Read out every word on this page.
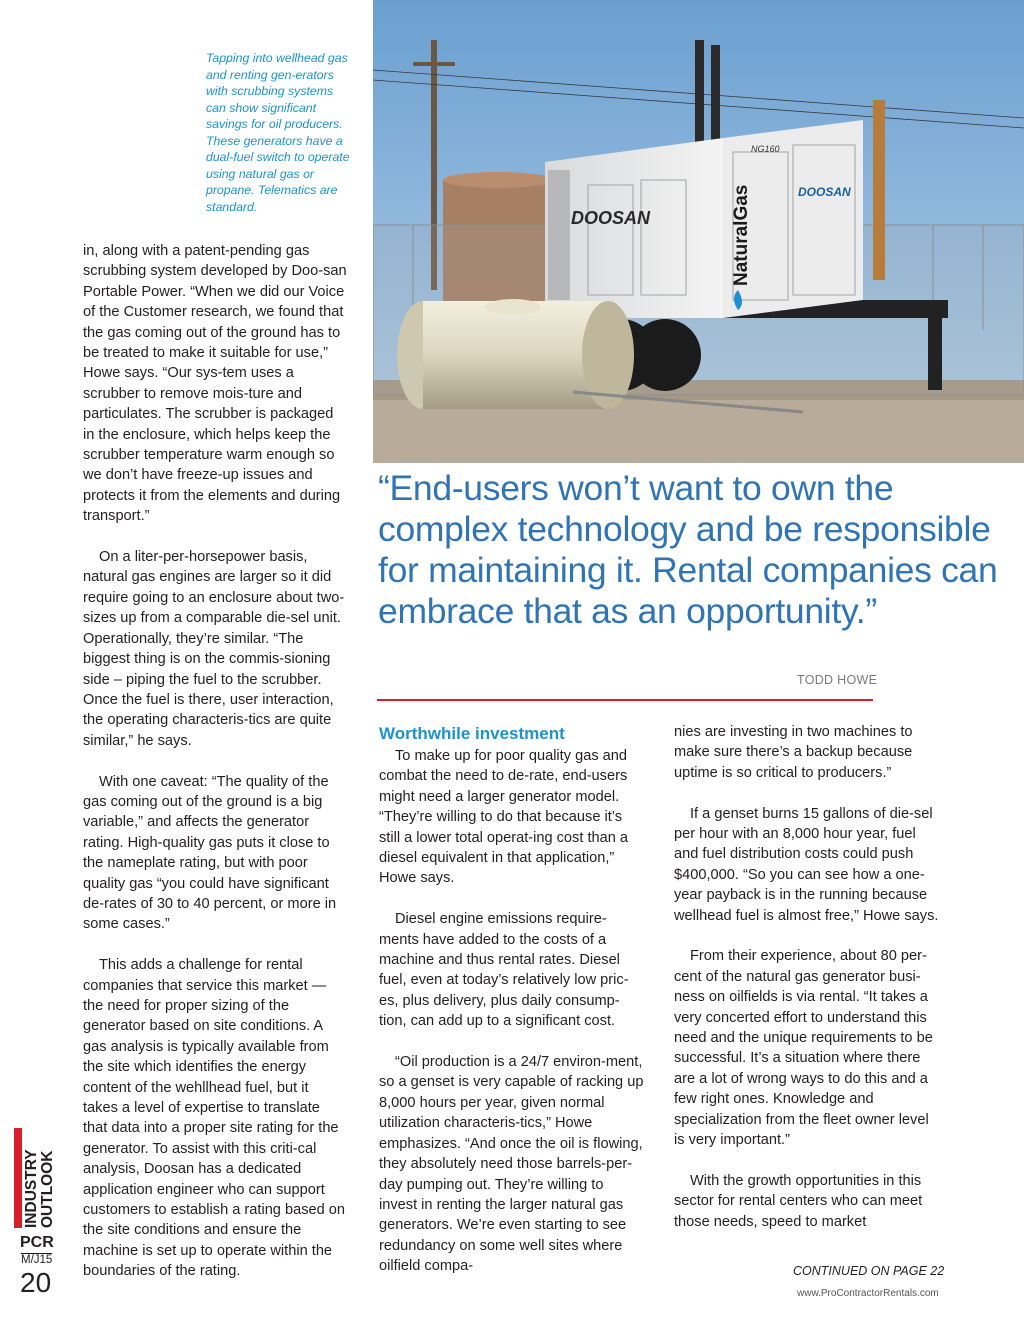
Tapping into wellhead gas and renting gen-erators with scrubbing systems can show significant savings for oil producers. These generators have a dual-fuel switch to operate using natural gas or propane. Telematics are standard.
DOOSAN
DOOSAN
NG160
NaturalGas
“End-users won’t want to own the complex technology and be responsible for maintaining it. Rental companies can embrace that as an opportunity.”
TODD HOWE

in, along with a patent-pending gas scrubbing system developed by Doo-san Portable Power. “When we did our Voice of the Customer research, we found that the gas coming out of the ground has to be treated to make it suitable for use,” Howe says. “Our sys-tem uses a scrubber to remove mois-ture and particulates. The scrubber is packaged in the enclosure, which helps keep the scrubber temperature warm enough so we don’t have freeze-up issues and protects it from the elements and during transport.”

On a liter-per-horsepower basis, natural gas engines are larger so it did require going to an enclosure about two-sizes up from a comparable die-sel unit. Operationally, they’re similar. “The biggest thing is on the commis-sioning side – piping the fuel to the scrubber. Once the fuel is there, user interaction, the operating characteris-tics are quite similar,” he says.

With one caveat: “The quality of the gas coming out of the ground is a big variable,” and affects the generator rating. High-quality gas puts it close to the nameplate rating, but with poor quality gas “you could have significant de-rates of 30 to 40 percent, or more in some cases.”

This adds a challenge for rental companies that service this market — the need for proper sizing of the generator based on site conditions. A gas analysis is typically available from the site which identifies the energy content of the wehllhead fuel, but it takes a level of expertise to translate that data into a proper site rating for the generator. To assist with this criti-cal analysis, Doosan has a dedicated application engineer who can support customers to establish a rating based on the site conditions and ensure the machine is set up to operate within the boundaries of the rating.

Worthwhile investment

To make up for poor quality gas and combat the need to de-rate, end-users might need a larger generator model. “They’re willing to do that because it’s still a lower total operat-ing cost than a diesel equivalent in that application,” Howe says.

Diesel engine emissions require-ments have added to the costs of a machine and thus rental rates. Diesel fuel, even at today’s relatively low pric-es, plus delivery, plus daily consump-tion, can add up to a significant cost.

“Oil production is a 24/7 environ-ment, so a genset is very capable of racking up 8,000 hours per year, given normal utilization characteris-tics,” Howe emphasizes. “And once the oil is flowing, they absolutely need those barrels-per-day pumping out. They’re willing to invest in renting the larger natural gas generators. We’re even starting to see redundancy on some well sites where oilfield compa-

nies are investing in two machines to make sure there’s a backup because uptime is so critical to producers.”

If a genset burns 15 gallons of die-sel per hour with an 8,000 hour year, fuel and fuel distribution costs could push $400,000. “So you can see how a one-year payback is in the running because wellhead fuel is almost free,” Howe says.

From their experience, about 80 per-cent of the natural gas generator busi-ness on oilfields is via rental. “It takes a very concerted effort to understand this need and the unique requirements to be successful. It’s a situation where there are a lot of wrong ways to do this and a few right ones. Knowledge and specialization from the fleet owner level is very important.”

With the growth opportunities in this sector for rental centers who can meet those needs, speed to market

INDUSTRY OUTLOOK
PCR
M/J15
20	CONTINUED ON PAGE 22
www.ProContractorRentals.com
